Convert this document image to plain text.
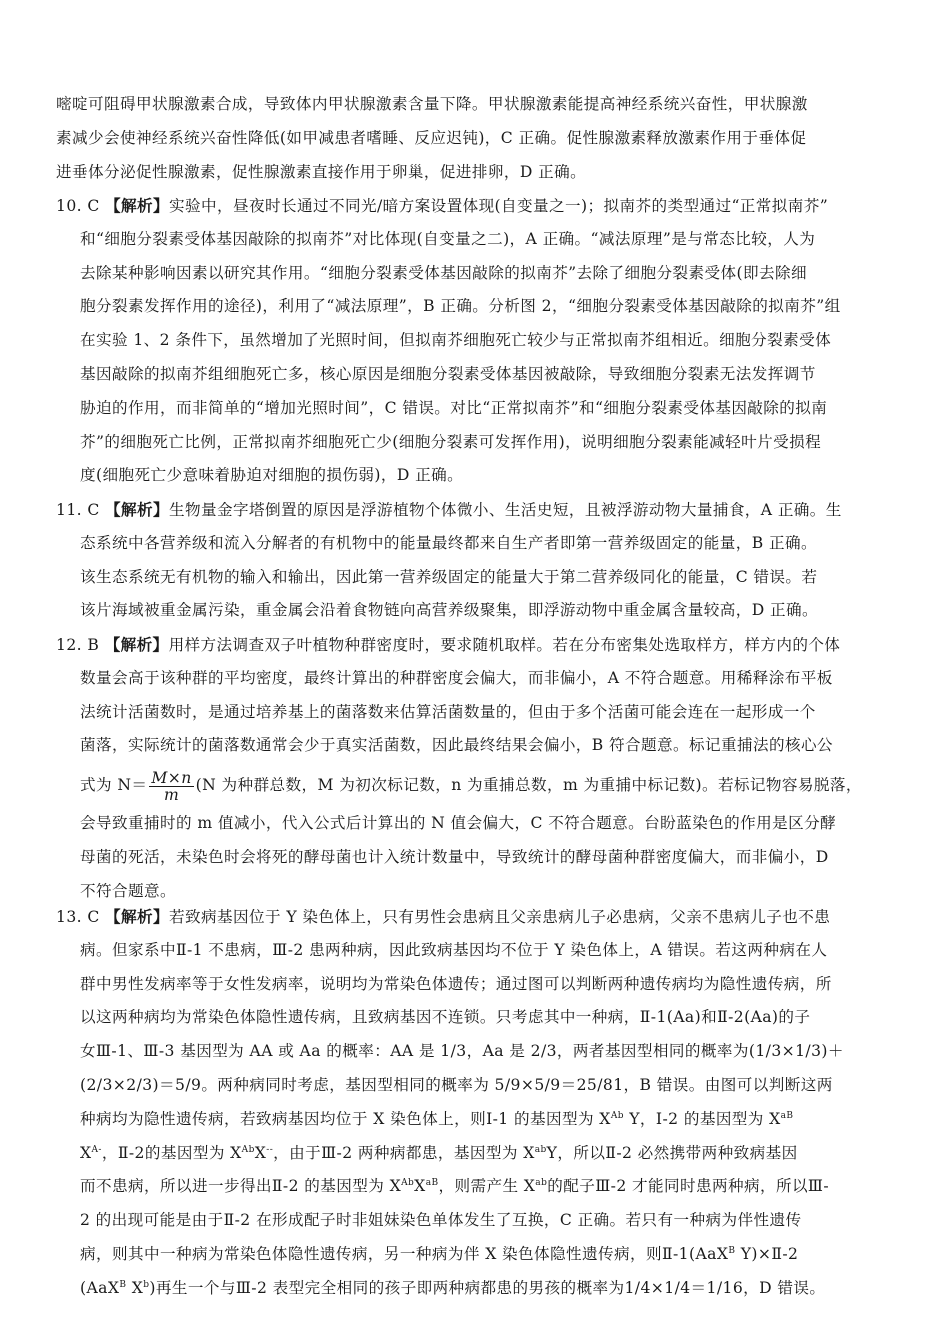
嘧啶可阻碍甲状腺激素合成，导致体内甲状腺激素含量下降。甲状腺激素能提高神经系统兴奋性，甲状腺激
素减少会使神经系统兴奋性降低(如甲减患者嗜睡、反应迟钝)，C 正确。促性腺激素释放激素作用于垂体促
进垂体分泌促性腺激素，促性腺激素直接作用于卵巢，促进排卵，D 正确。
10. C 【解析】实验中，昼夜时长通过不同光/暗方案设置体现(自变量之一)；拟南芥的类型通过“正常拟南芥”
和“细胞分裂素受体基因敲除的拟南芥”对比体现(自变量之二)，A 正确。“减法原理”是与常态比较，人为
去除某种影响因素以研究其作用。“细胞分裂素受体基因敲除的拟南芥”去除了细胞分裂素受体(即去除细
胞分裂素发挥作用的途径)，利用了“减法原理”，B 正确。分析图 2，“细胞分裂素受体基因敲除的拟南芥”组
在实验 1、2 条件下，虽然增加了光照时间，但拟南芥细胞死亡较少与正常拟南芥组相近。细胞分裂素受体
基因敲除的拟南芥组细胞死亡多，核心原因是细胞分裂素受体基因被敲除，导致细胞分裂素无法发挥调节
胁迫的作用，而非简单的“增加光照时间”，C 错误。对比“正常拟南芥”和“细胞分裂素受体基因敲除的拟南
芥”的细胞死亡比例，正常拟南芥细胞死亡少(细胞分裂素可发挥作用)，说明细胞分裂素能减轻叶片受损程
度(细胞死亡少意味着胁迫对细胞的损伤弱)，D 正确。
11. C 【解析】生物量金字塔倒置的原因是浮游植物个体微小、生活史短，且被浮游动物大量捕食，A 正确。生
态系统中各营养级和流入分解者的有机物中的能量最终都来自生产者即第一营养级固定的能量，B 正确。
该生态系统无有机物的输入和输出，因此第一营养级固定的能量大于第二营养级同化的能量，C 错误。若
该片海域被重金属污染，重金属会沿着食物链向高营养级聚集，即浮游动物中重金属含量较高，D 正确。
12. B 【解析】用样方法调查双子叶植物种群密度时，要求随机取样。若在分布密集处选取样方，样方内的个体
数量会高于该种群的平均密度，最终计算出的种群密度会偏大，而非偏小，A 不符合题意。用稀释涂布平板
法统计活菌数时，是通过培养基上的菌落数来估算活菌数量的，但由于多个活菌可能会连在一起形成一个
菌落，实际统计的菌落数通常会少于真实活菌数，因此最终结果会偏小，B 符合题意。标记重捕法的核心公
式为 $N= \frac{M\times n}{m} (N$ 为种群总数，M 为初次标记数，n 为重捕总数，m 为重捕中标记数)。若标记物容易脱落，
会导致重捕时的 m 值减小，代入公式后计算出的 N 值会偏大，C 不符合题意。台盼蓝染色的作用是区分酵
母菌的死活，未染色时会将死的酵母菌也计入统计数量中，导致统计的酵母菌种群密度偏大，而非偏小，D
不符合题意。
13. C 【解析】若致病基因位于 Y 染色体上，只有男性会患病且父亲患病儿子必患病，父亲不患病儿子也不患
病。但家系中Ⅱ-1 不患病，Ⅲ-2 患两种病，因此致病基因均不位于 Y 染色体上，A 错误。若这两种病在人
群中男性发病率等于女性发病率，说明均为常染色体遗传；通过图可以判断两种遗传病均为隐性遗传病，所
以这两种病均为常染色体隐性遗传病，且致病基因不连锁。只考虑其中一种病，Ⅱ-1(Aa)和Ⅱ-2(Aa)的子
女Ⅲ-1、Ⅲ-3 基因型为 AA 或 Aa 的概率：AA 是 1/3，Aa 是 2/3，两者基因型相同的概率为(1/3×1/3)＋
(2/3×2/3)＝5/9。两种病同时考虑，基因型相同的概率为 5/9×5/9＝25/81，B 错误。由图可以判断这两
种病均为隐性遗传病，若致病基因均位于 X 染色体上，则Ⅰ-1 的基因型为 $X^{Ab}$ Y，Ⅰ-2 的基因型为 $X^{aB}$
$X^{A-}$，Ⅱ-2的基因型为 $X^{Ab}X^{--}$，由于Ⅲ-2 两种病都患，基因型为 $X^{ab}Y$，所以Ⅱ-2 必然携带两种致病基因
而不患病，所以进一步得出Ⅱ-2 的基因型为 $X^{Ab}X^{aB}$，则需产生 $X^{ab}$的配子Ⅲ-2 才能同时患两种病，所以Ⅲ-
2 的出现可能是由于Ⅱ-2 在形成配子时非姐妹染色单体发生了互换，C 正确。若只有一种病为伴性遗传
病，则其中一种病为常染色体隐性遗传病，另一种病为伴 X 染色体隐性遗传病，则Ⅱ-1(AaX$^B$ Y)×Ⅱ-2
(AaX$^B$ $X^b$)再生一个与Ⅲ-2 表型完全相同的孩子即两种病都患的男孩的概率为1/4×1/4＝1/16，D 错误。
